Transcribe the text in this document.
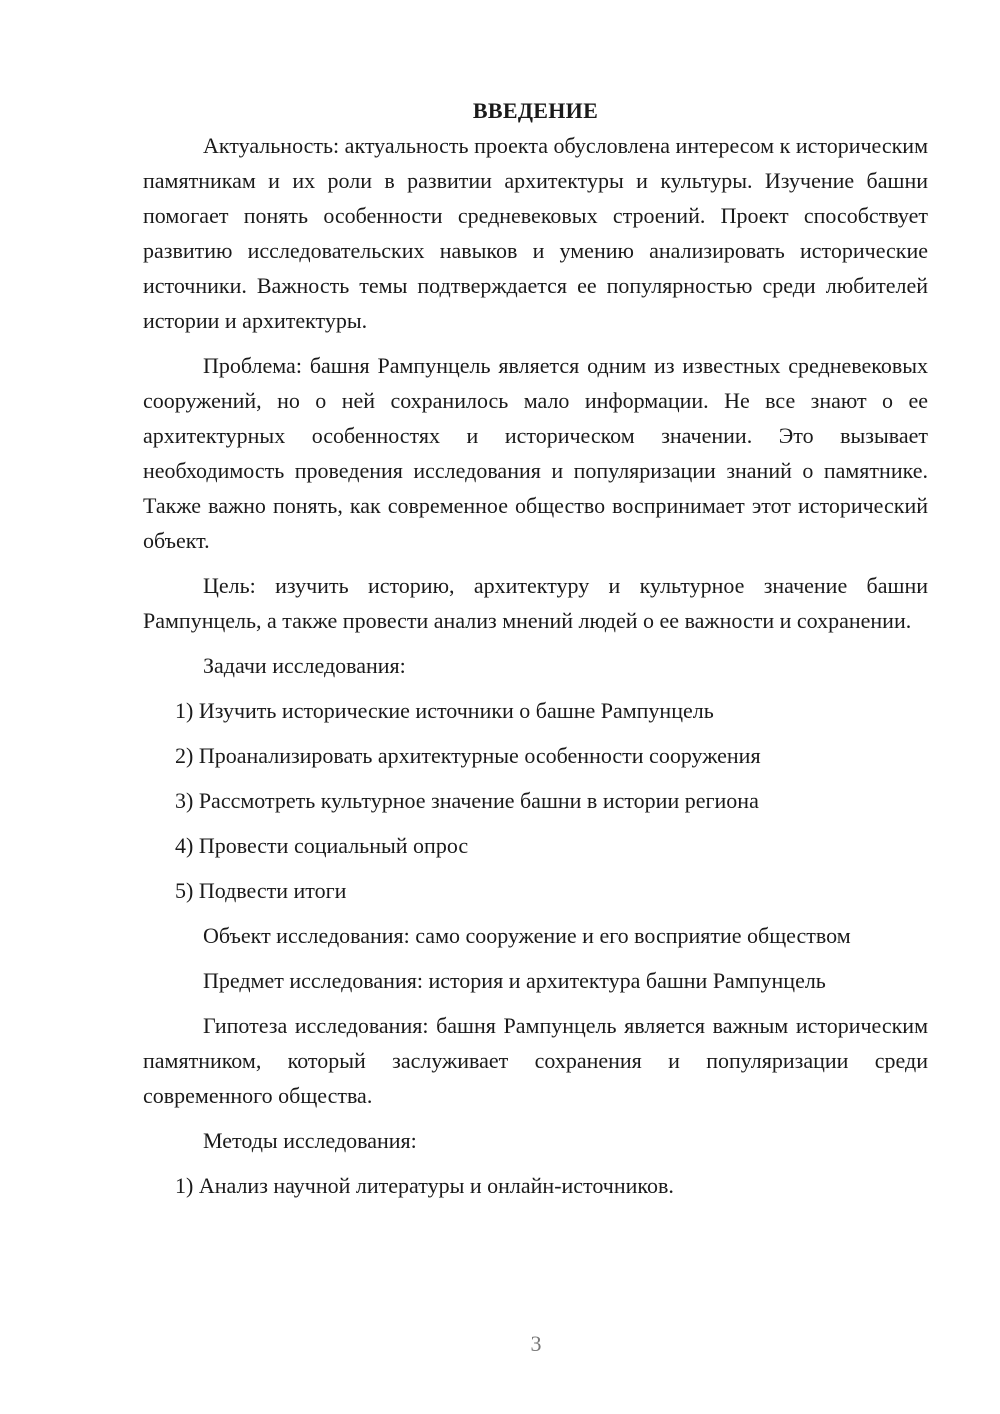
ВВЕДЕНИЕ

Актуальность: актуальность проекта обусловлена интересом к историческим памятникам и их роли в развитии архитектуры и культуры. Изучение башни помогает понять особенности средневековых строений. Проект способствует развитию исследовательских навыков и умению анализировать исторические источники. Важность темы подтверждается ее популярностью среди любителей истории и архитектуры.

Проблема: башня Рампунцель является одним из известных средневековых сооружений, но о ней сохранилось мало информации. Не все знают о ее архитектурных особенностях и историческом значении. Это вызывает необходимость проведения исследования и популяризации знаний о памятнике. Также важно понять, как современное общество воспринимает этот исторический объект.

Цель: изучить историю, архитектуру и культурное значение башни Рампунцель, а также провести анализ мнений людей о ее важности и сохранении.

Задачи исследования:

1) Изучить исторические источники о башне Рампунцель

2) Проанализировать архитектурные особенности сооружения

3) Рассмотреть культурное значение башни в истории региона

4) Провести социальный опрос

5) Подвести итоги

Объект исследования: само сооружение и его восприятие обществом

Предмет исследования: история и архитектура башни Рампунцель

Гипотеза исследования: башня Рампунцель является важным историческим памятником, который заслуживает сохранения и популяризации среди современного общества.

Методы исследования:

1) Анализ научной литературы и онлайн-источников.

3
